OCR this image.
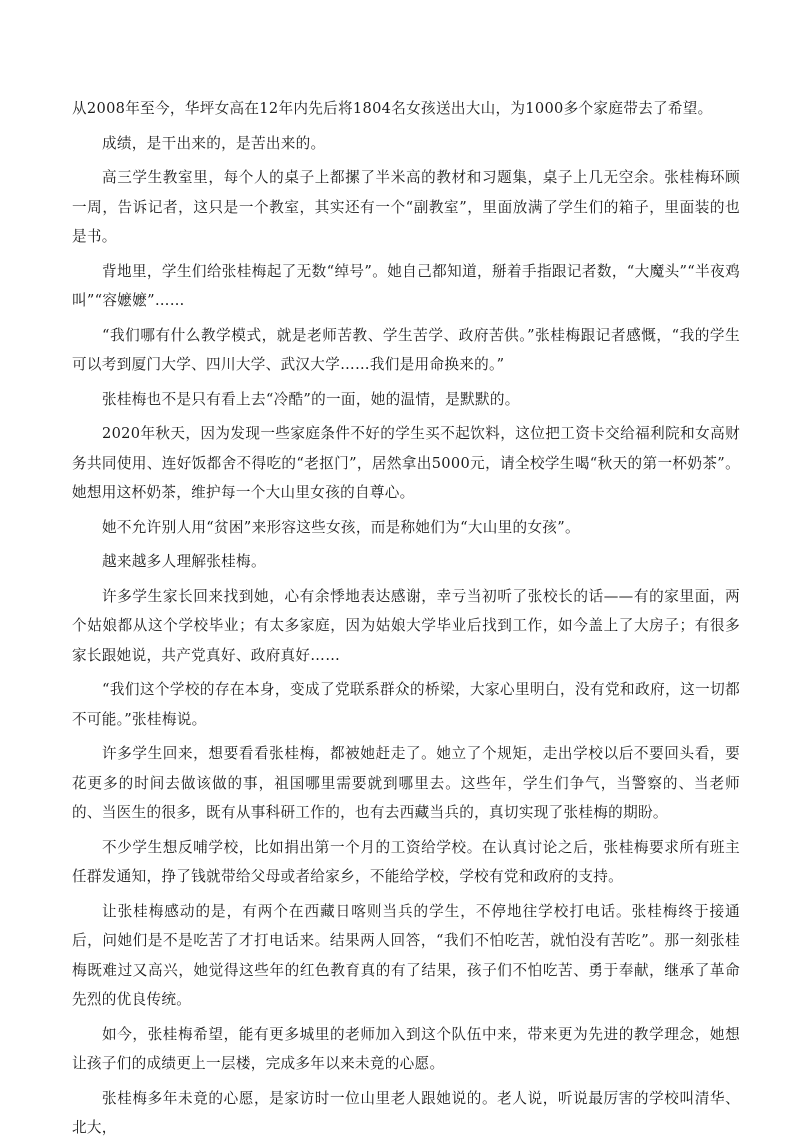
从2008年至今，华坪女高在12年内先后将1804名女孩送出大山，为1000多个家庭带去了希望。

成绩，是干出来的，是苦出来的。

高三学生教室里，每个人的桌子上都摞了半米高的教材和习题集，桌子上几无空余。张桂梅环顾一周，告诉记者，这只是一个教室，其实还有一个“副教室”，里面放满了学生们的箱子，里面装的也是书。

背地里，学生们给张桂梅起了无数“绰号”。她自己都知道，掰着手指跟记者数，“大魔头”“半夜鸡叫”“容嬷嬷”……

“我们哪有什么教学模式，就是老师苦教、学生苦学、政府苦供。”张桂梅跟记者感慨，“我的学生可以考到厦门大学、四川大学、武汉大学……我们是用命换来的。”

张桂梅也不是只有看上去“冷酷”的一面，她的温情，是默默的。

2020年秋天，因为发现一些家庭条件不好的学生买不起饮料，这位把工资卡交给福利院和女高财务共同使用、连好饭都舍不得吃的“老抠门”，居然拿出5000元，请全校学生喝“秋天的第一杯奶茶”。她想用这杯奶茶，维护每一个大山里女孩的自尊心。

她不允许别人用“贫困”来形容这些女孩，而是称她们为“大山里的女孩”。

越来越多人理解张桂梅。

许多学生家长回来找到她，心有余悸地表达感谢，幸亏当初听了张校长的话——有的家里面，两个姑娘都从这个学校毕业；有太多家庭，因为姑娘大学毕业后找到工作，如今盖上了大房子；有很多家长跟她说，共产党真好、政府真好……

“我们这个学校的存在本身，变成了党联系群众的桥梁，大家心里明白，没有党和政府，这一切都不可能。”张桂梅说。

许多学生回来，想要看看张桂梅，都被她赶走了。她立了个规矩，走出学校以后不要回头看，要花更多的时间去做该做的事，祖国哪里需要就到哪里去。这些年，学生们争气，当警察的、当老师的、当医生的很多，既有从事科研工作的，也有去西藏当兵的，真切实现了张桂梅的期盼。

不少学生想反哺学校，比如捐出第一个月的工资给学校。在认真讨论之后，张桂梅要求所有班主任群发通知，挣了钱就带给父母或者给家乡，不能给学校，学校有党和政府的支持。

让张桂梅感动的是，有两个在西藏日喀则当兵的学生，不停地往学校打电话。张桂梅终于接通后，问她们是不是吃苦了才打电话来。结果两人回答，“我们不怕吃苦，就怕没有苦吃”。那一刻张桂梅既难过又高兴，她觉得这些年的红色教育真的有了结果，孩子们不怕吃苦、勇于奉献，继承了革命先烈的优良传统。

如今，张桂梅希望，能有更多城里的老师加入到这个队伍中来，带来更为先进的教学理念，她想让孩子们的成绩更上一层楼，完成多年以来未竟的心愿。

张桂梅多年未竟的心愿，是家访时一位山里老人跟她说的。老人说，听说最厉害的学校叫清华、北大，
